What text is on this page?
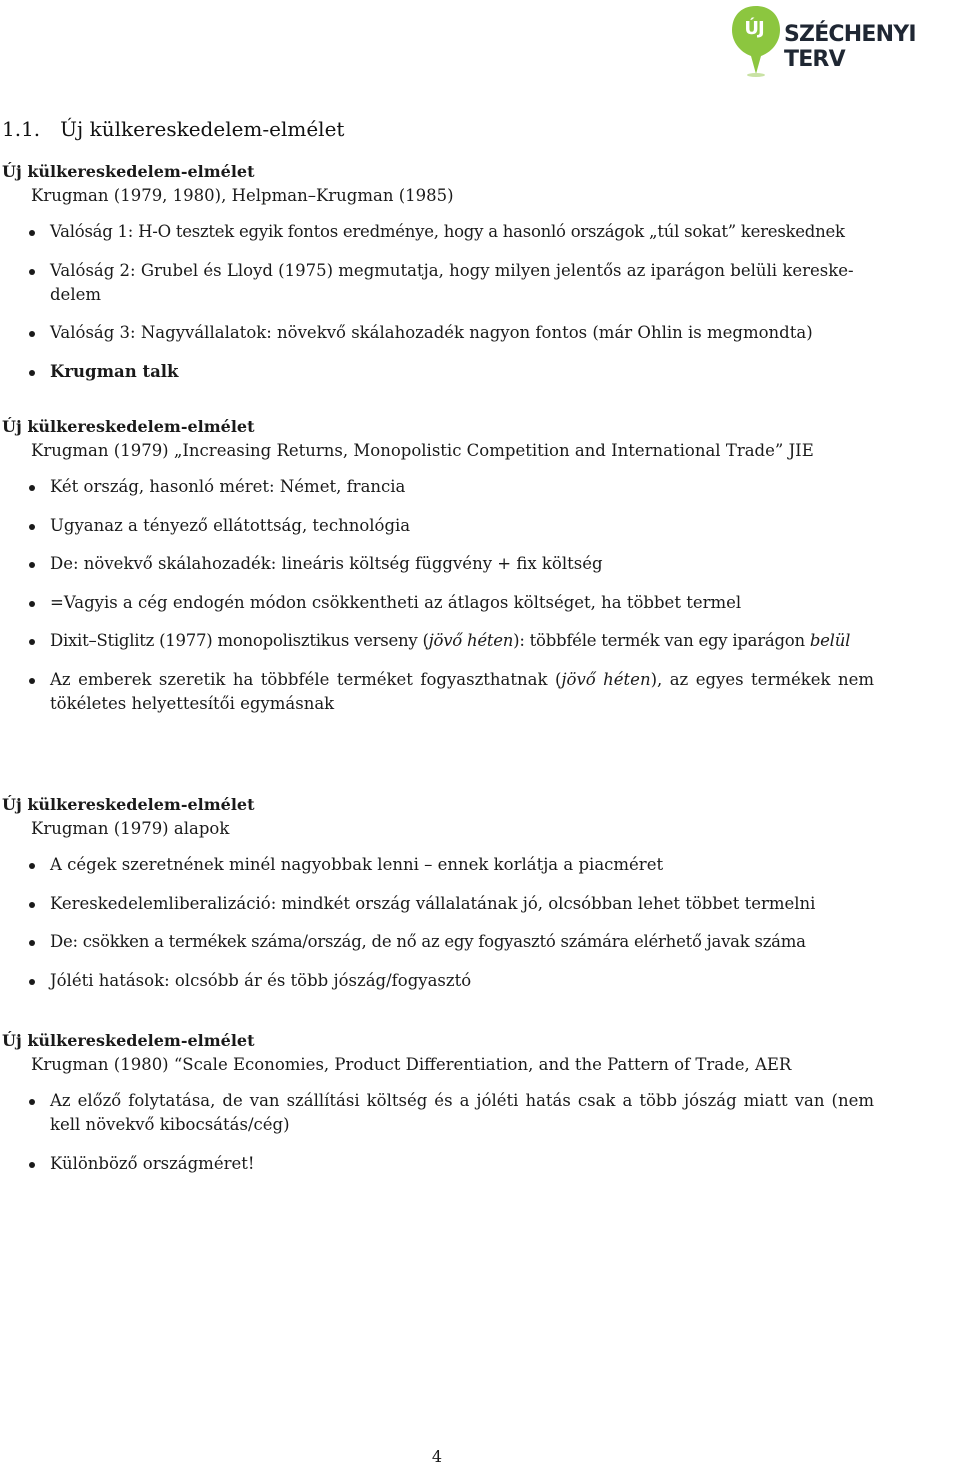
ÚJ SZÉCHENYI TERV
1.1. Új külkereskedelem-elmélet

Új külkereskedelem-elmélet

Krugman (1979, 1980), Helpman–Krugman (1985)

Valóság 1: H-O tesztek egyik fontos eredménye, hogy a hasonló országok „túl sokat” kereskednek
Valóság 2: Grubel és Lloyd (1975) megmutatja, hogy milyen jelentős az iparágon belüli kereske- delem
Valóság 3: Nagyvállalatok: növekvő skálahozadék nagyon fontos (már Ohlin is megmondta)
Krugman talk

Új külkereskedelem-elmélet

Krugman (1979) „Increasing Returns, Monopolistic Competition and International Trade” JIE

Két ország, hasonló méret: Német, francia
Ugyanaz a tényező ellátottság, technológia
De: növekvő skálahozadék: lineáris költség függvény + fix költség
=Vagyis a cég endogén módon csökkentheti az átlagos költséget, ha többet termel
Dixit–Stiglitz (1977) monopolisztikus verseny (jövő héten): többféle termék van egy iparágon belül
Az emberek szeretik ha többféle terméket fogyaszthatnak (jövő héten), az egyes termékek nem tökéletes helyettesítői egymásnak

Új külkereskedelem-elmélet

Krugman (1979) alapok

A cégek szeretnének minél nagyobbak lenni – ennek korlátja a piacméret
Kereskedelemliberalizáció: mindkét ország vállalatának jó, olcsóbban lehet többet termelni
De: csökken a termékek száma/ország, de nő az egy fogyasztó számára elérhető javak száma
Jóléti hatások: olcsóbb ár és több jószág/fogyasztó

Új külkereskedelem-elmélet

Krugman (1980) “Scale Economies, Product Differentiation, and the Pattern of Trade, AER

Az előző folytatása, de van szállítási költség és a jóléti hatás csak a több jószág miatt van (nem kell növekvő kibocsátás/cég)
Különböző országméret!
4
